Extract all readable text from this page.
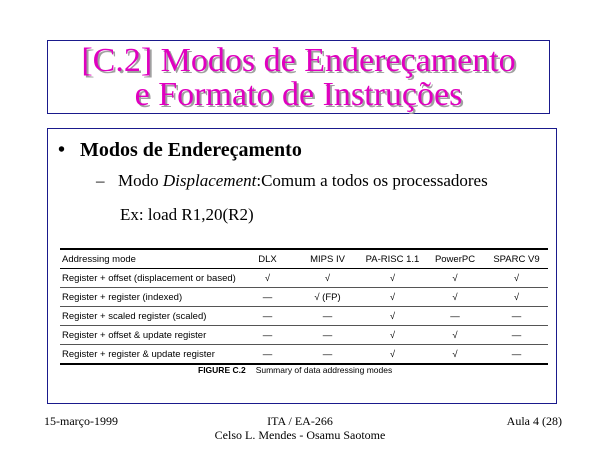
[C.2] Modos de Endereçamento
e Formato de Instruções
• Modos de Endereçamento
– Modo Displacement:Comum a todos os processadores
Ex: load R1,20(R2)
Addressing mode	DLX	MIPS IV	PA-RISC 1.1	PowerPC	SPARC V9
Register + offset (displacement or based)	√	√	√	√	√
Register + register (indexed)	—	√ (FP)	√	√	√
Register + scaled register (scaled)	—	—	√	—	—
Register + offset & update register	—	—	√	√	—
Register + register & update register	—	—	√	√	—
FIGURE C.2 Summary of data addressing modes
15-março-1999	ITA / EA-266
Celso L. Mendes - Osamu Saotome
Aula 4 (28)
